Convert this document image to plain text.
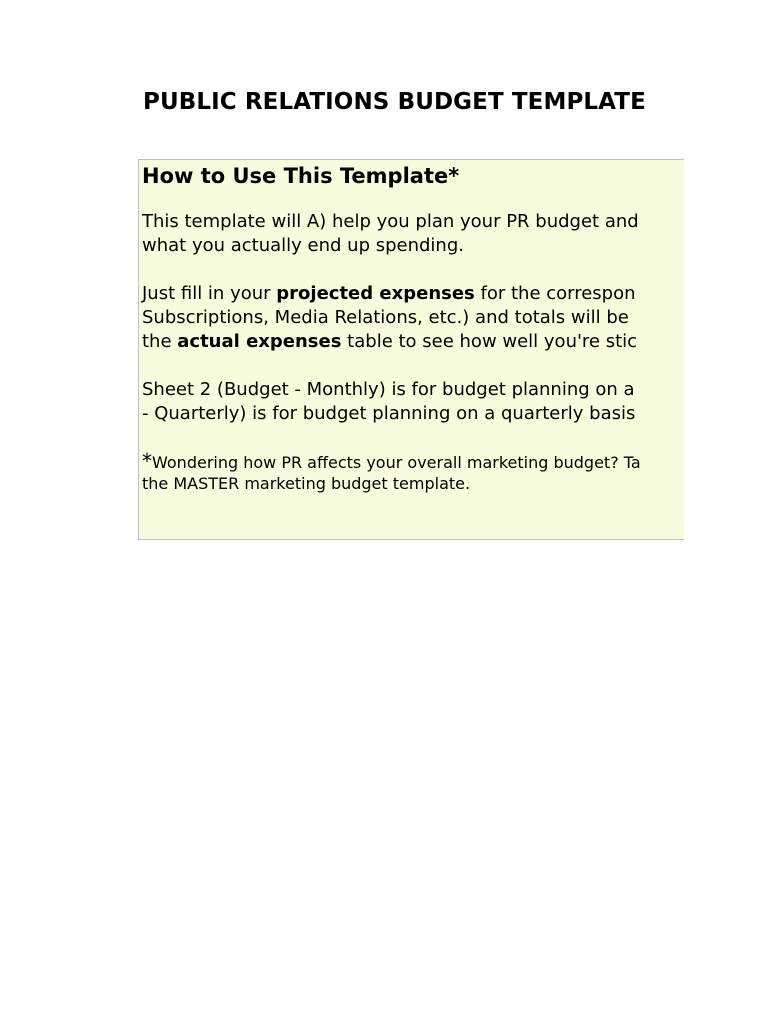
PUBLIC RELATIONS BUDGET TEMPLATE
How to Use This Template*
This template will A) help you plan your PR budget and
what you actually end up spending.
Just fill in your projected expenses for the correspon
Subscriptions, Media Relations, etc.) and totals will be
the actual expenses table to see how well you're stic
Sheet 2 (Budget - Monthly) is for budget planning on a
- Quarterly) is for budget planning on a quarterly basis
*Wondering how PR affects your overall marketing budget? Ta
the MASTER marketing budget template.
